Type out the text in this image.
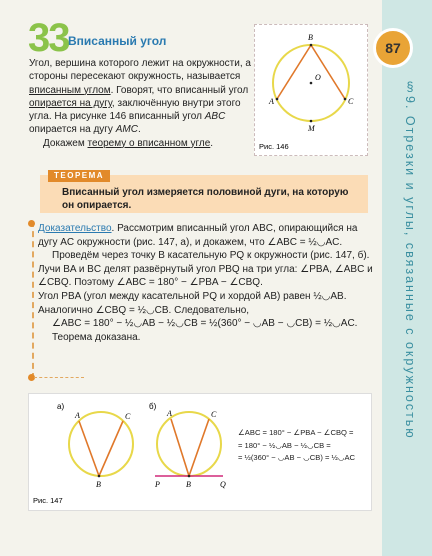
87
§9. Отрезки и углы, связанные с окружностью
33 Вписанный угол

Угол, вершина которого лежит на окружности, а стороны пересекают окружность, называется вписанным углом. Говорят, что вписанный угол опирается на дугу, заключённую внутри этого угла. На рисунке 146 вписанный угол ABC опирается на дугу AMC.

Докажем теорему о вписанном угле.

B
O
A	C
M
Рис. 146
ТЕОРЕМА
Вписанный угол измеряется половиной дуги, на которую он опирается.

Доказательство. Рассмотрим вписанный угол ABC, опирающийся на дугу AC окружности (рис. 147, а), и докажем, что ∠ABC = ½◡AC.

Проведём через точку B касательную PQ к окружности (рис. 147, б). Лучи BA и BC делят развёрнутый угол PBQ на три угла: ∠PBA, ∠ABC и ∠CBQ. Поэтому ∠ABC = 180° − ∠PBA − ∠CBQ.

Угол PBA (угол между касательной PQ и хордой AB) равен ½◡AB.

Аналогично ∠CBQ = ½◡CB. Следовательно,

∠ABC = 180° − ½◡AB − ½◡CB = ½(360° − ◡AB − ◡CB) = ½◡AC.

Теорема доказана.

а)
A	C
B
б)
A	C
B
P	Q
Рис. 147
∠ABC = 180° − ∠PBA − ∠CBQ =
= 180° − ½◡AB − ½◡CB =
= ½(360° − ◡AB − ◡CB) = ½◡AC
